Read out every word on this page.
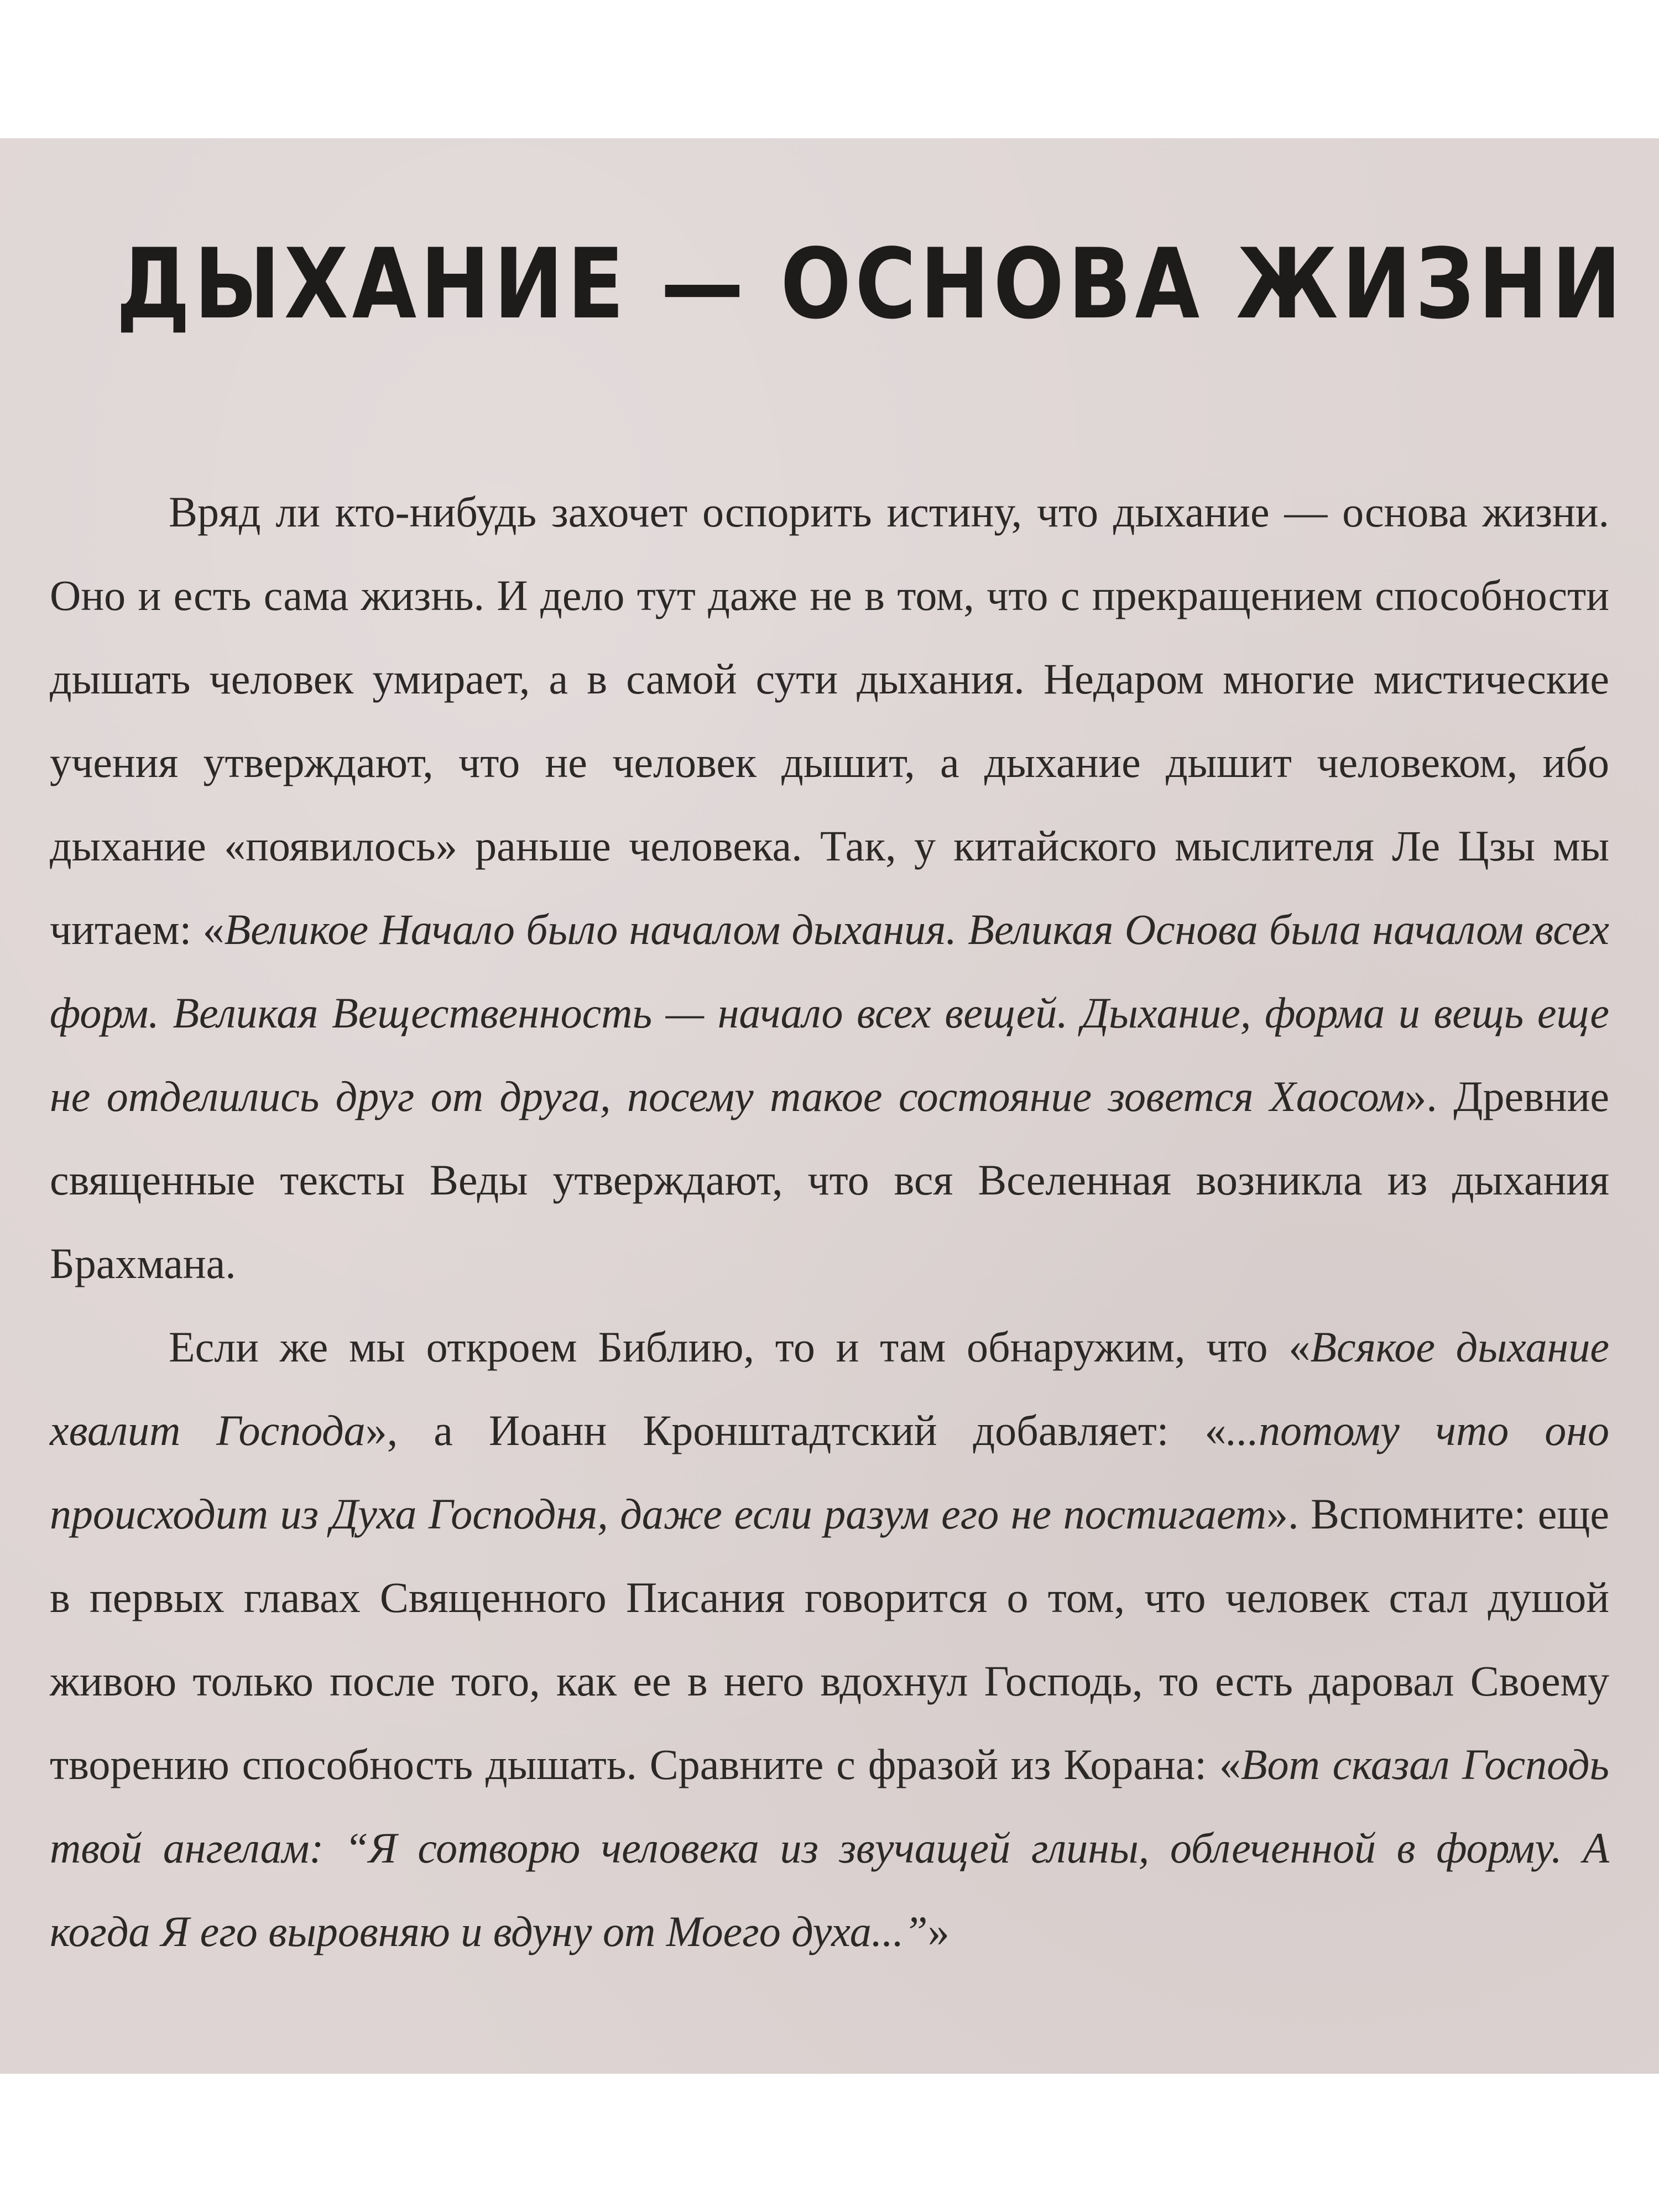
ДЫХАНИЕ — ОСНОВА ЖИЗНИ

Вряд ли кто-нибудь захочет оспорить истину, что дыхание — основа жизни. Оно и есть сама жизнь. И дело тут даже не в том, что с прекращением способности дышать человек умирает, а в самой сути дыхания. Недаром многие мистические учения утверждают, что не человек дышит, а дыхание дышит человеком, ибо дыхание «появилось» раньше человека. Так, у китайского мыслителя Ле Цзы мы читаем: «Великое Начало было началом дыхания. Великая Основа была началом всех форм. Великая Вещественность — начало всех вещей. Дыхание, форма и вещь еще не отделились друг от друга, посему такое состояние зовется Хаосом». Древние священные тексты Веды утверждают, что вся Вселенная возникла из дыхания Брахмана.

Если же мы откроем Библию, то и там обнаружим, что «Всякое дыхание хвалит Господа», а Иоанн Кронштадтский добавляет: «...потому что оно происходит из Духа Господня, даже если разум его не постигает». Вспомните: еще в первых главах Священного Писания говорится о том, что человек стал душой живою только после того, как ее в него вдохнул Господь, то есть даровал Своему творению способность дышать. Сравните с фразой из Корана: «Вот сказал Господь твой ангелам: “Я сотворю человека из звучащей глины, облеченной в форму. А когда Я его выровняю и вдуну от Моего духа...”»
